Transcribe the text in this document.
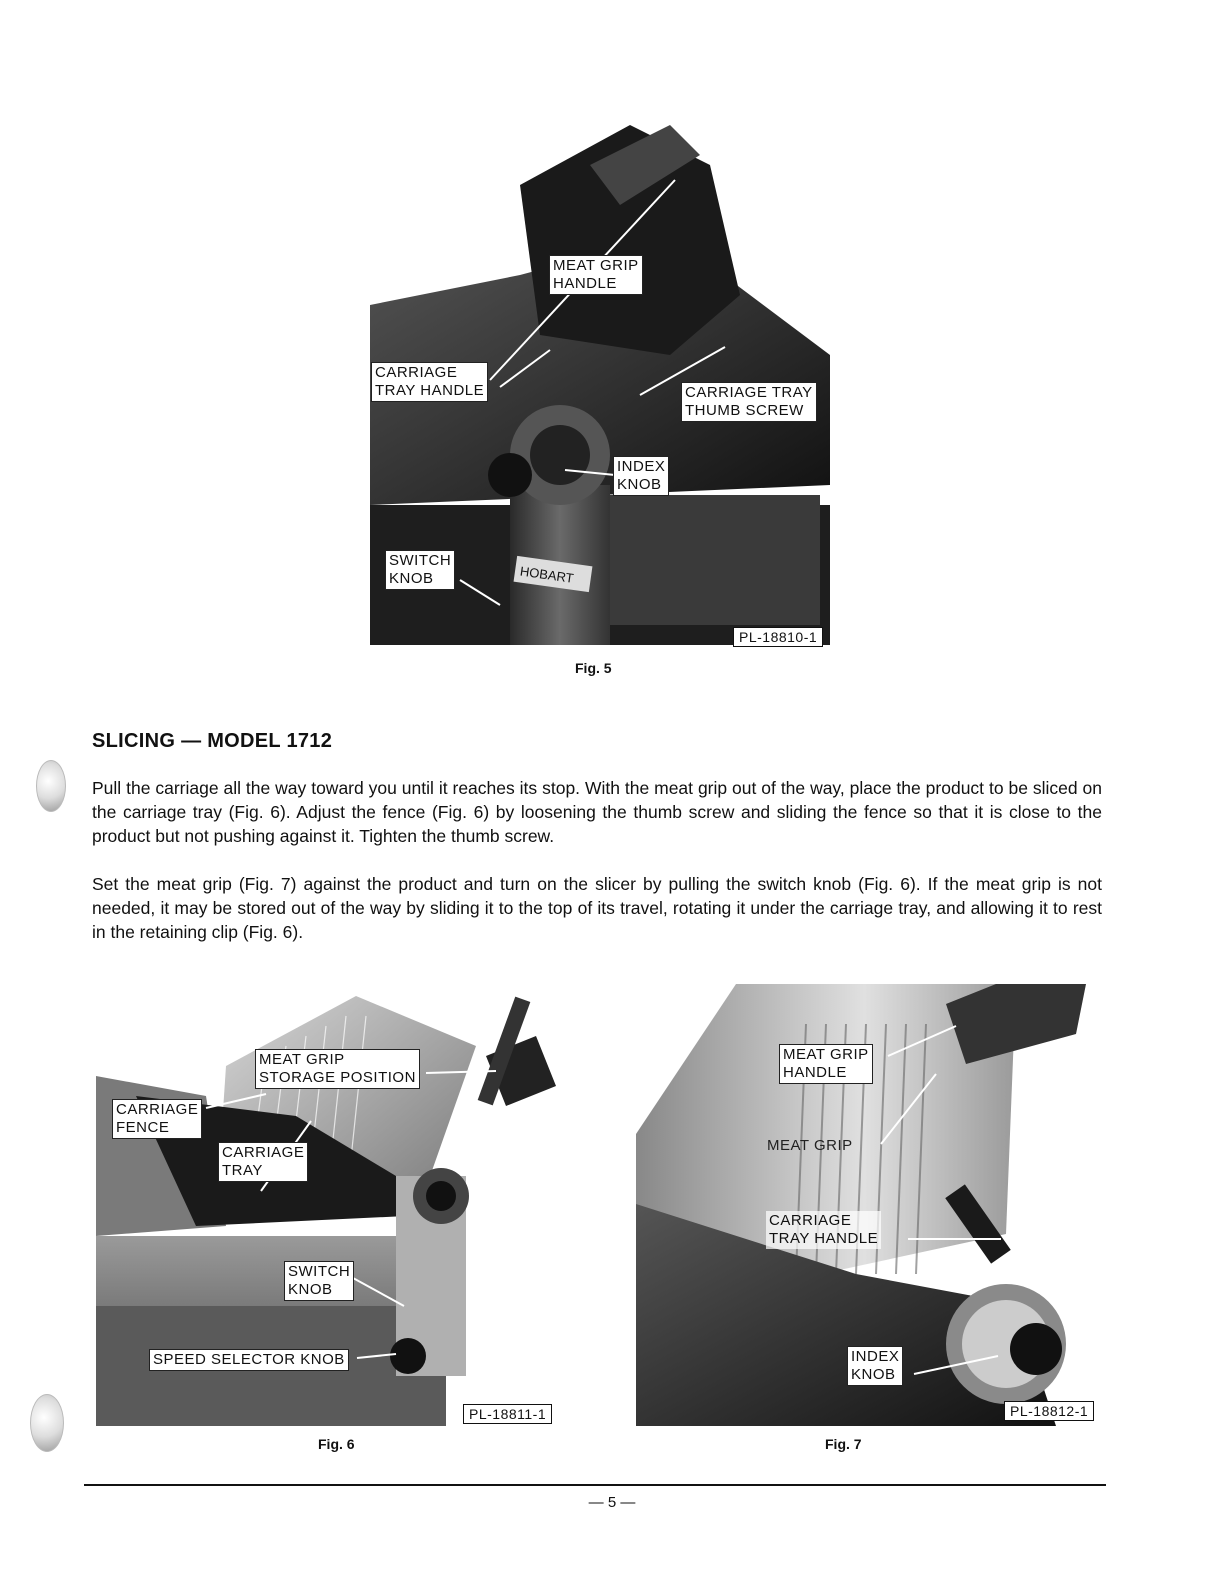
HOBART
MEAT GRIP
HANDLE
CARRIAGE
TRAY HANDLE	CARRIAGE TRAY
THUMB SCREW
INDEX
KNOB
SWITCH
KNOB
PL-18810-1
Fig. 5
SLICING — MODEL 1712

Pull the carriage all the way toward you until it reaches its stop. With the meat grip out of the way, place the product to be sliced on the carriage tray (Fig. 6). Adjust the fence (Fig. 6) by loosening the thumb screw and sliding the fence so that it is close to the product but not pushing against it. Tighten the thumb screw.

Set the meat grip (Fig. 7) against the product and turn on the slicer by pulling the switch knob (Fig. 6). If the meat grip is not needed, it may be stored out of the way by sliding it to the top of its travel, rotating it under the carriage tray, and allowing it to rest in the retaining clip (Fig. 6).

MEAT GRIP
STORAGE POSITION
CARRIAGE
FENCE
CARRIAGE
TRAY
SWITCH
KNOB
SPEED SELECTOR KNOB
PL-18811-1
Fig. 6
MEAT GRIP
HANDLE
MEAT GRIP
CARRIAGE
TRAY HANDLE
INDEX
KNOB
PL-18812-1
Fig. 7
— 5 —
